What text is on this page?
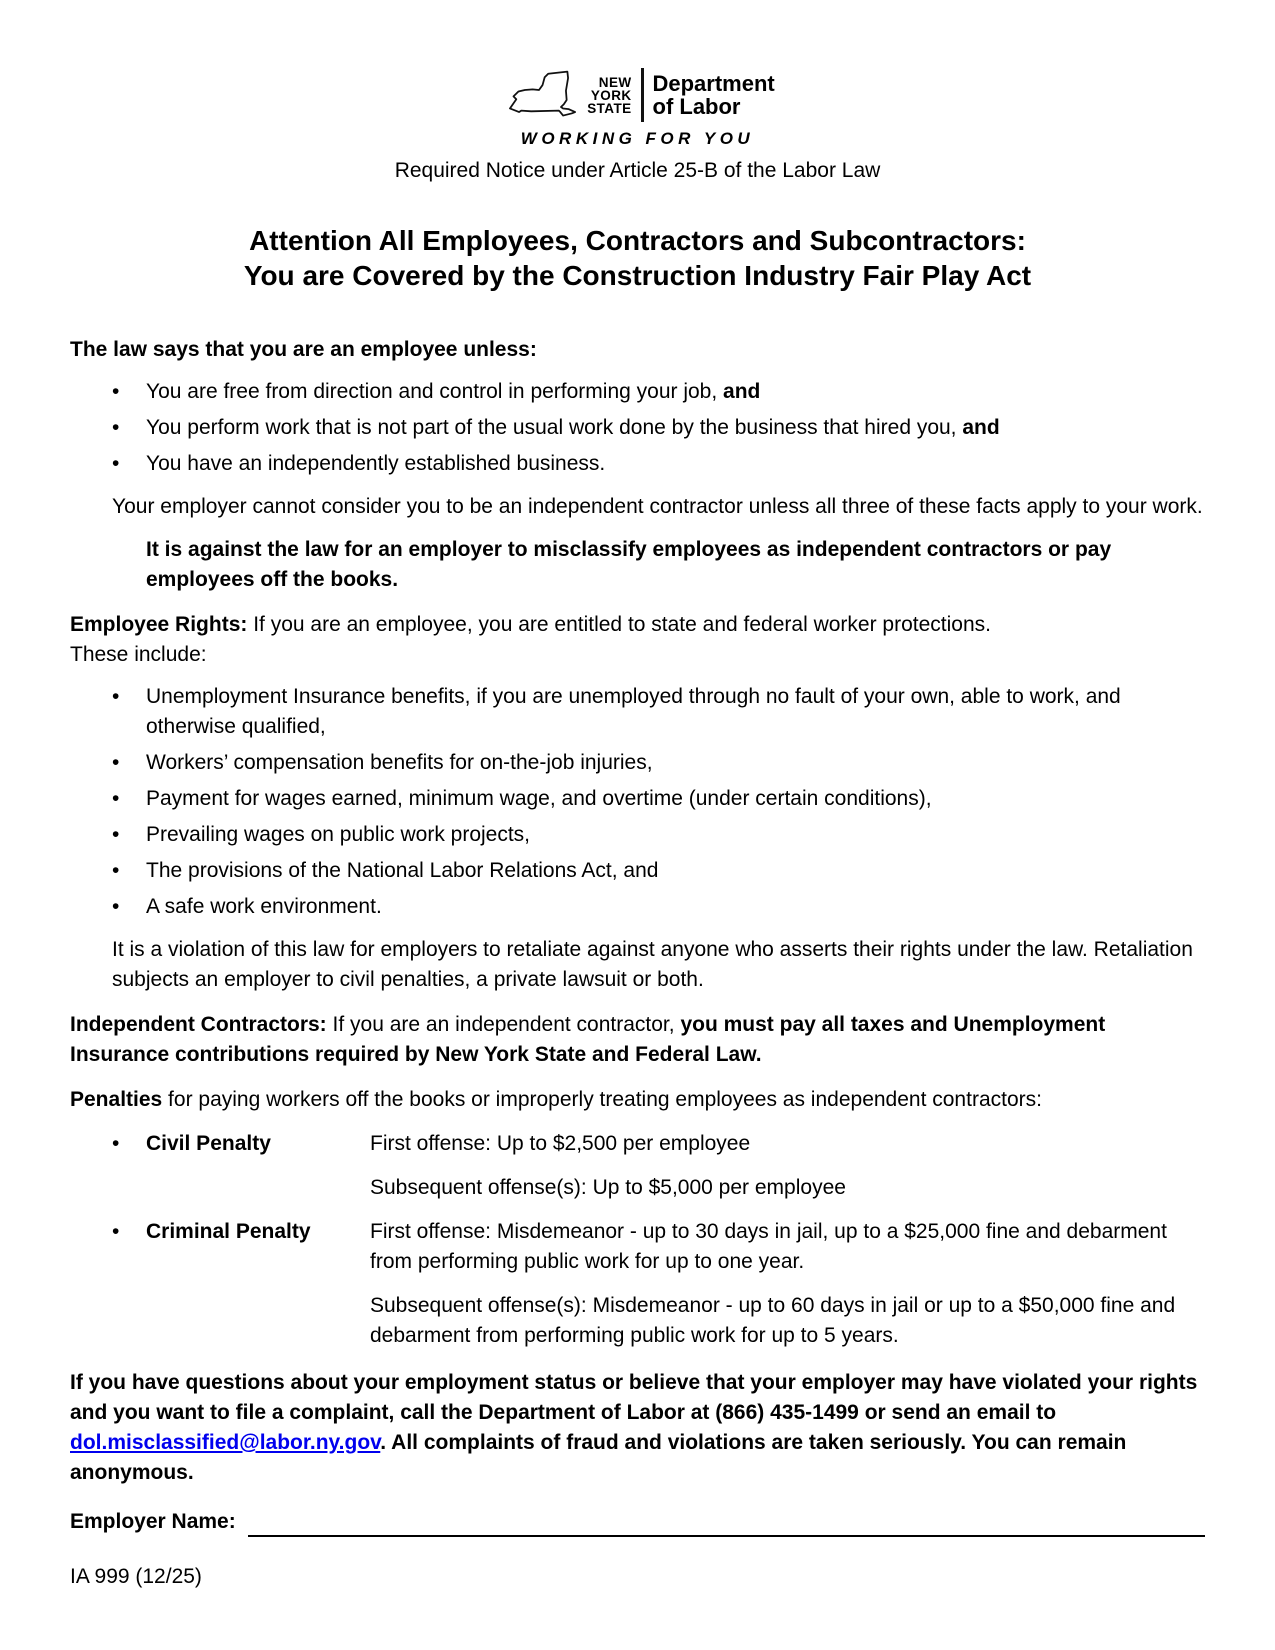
NEW
YORK
STATE
Department
of Labor
WORKING FOR YOU
Required Notice under Article 25-B of the Labor Law
Attention All Employees, Contractors and Subcontractors:
You are Covered by the Construction Industry Fair Play Act
The law says that you are an employee unless:
• You are free from direction and control in performing your job, and
• You perform work that is not part of the usual work done by the business that hired you, and
• You have an independently established business.
Your employer cannot consider you to be an independent contractor unless all three of these facts apply to your work.
It is against the law for an employer to misclassify employees as independent contractors or pay employees off the books.
Employee Rights: If you are an employee, you are entitled to state and federal worker protections.
These include:
• Unemployment Insurance benefits, if you are unemployed through no fault of your own, able to work, and otherwise qualified,
• Workers’ compensation benefits for on-the-job injuries,
• Payment for wages earned, minimum wage, and overtime (under certain conditions),
• Prevailing wages on public work projects,
• The provisions of the National Labor Relations Act, and
• A safe work environment.
It is a violation of this law for employers to retaliate against anyone who asserts their rights under the law. Retaliation subjects an employer to civil penalties, a private lawsuit or both.
Independent Contractors: If you are an independent contractor, you must pay all taxes and Unemployment Insurance contributions required by New York State and Federal Law.
Penalties for paying workers off the books or improperly treating employees as independent contractors:
•	Civil Penalty	First offense: Up to $2,500 per employee
Subsequent offense(s): Up to $5,000 per employee
•	Criminal Penalty	First offense: Misdemeanor - up to 30 days in jail, up to a $25,000 fine and debarment from performing public work for up to one year.
Subsequent offense(s): Misdemeanor - up to 60 days in jail or up to a $50,000 fine and debarment from performing public work for up to 5 years.
If you have questions about your employment status or believe that your employer may have violated your rights and you want to file a complaint, call the Department of Labor at (866) 435-1499 or send an email to dol.misclassified@labor.ny.gov. All complaints of fraud and violations are taken seriously. You can remain anonymous.
Employer Name:
IA 999 (12/25)
